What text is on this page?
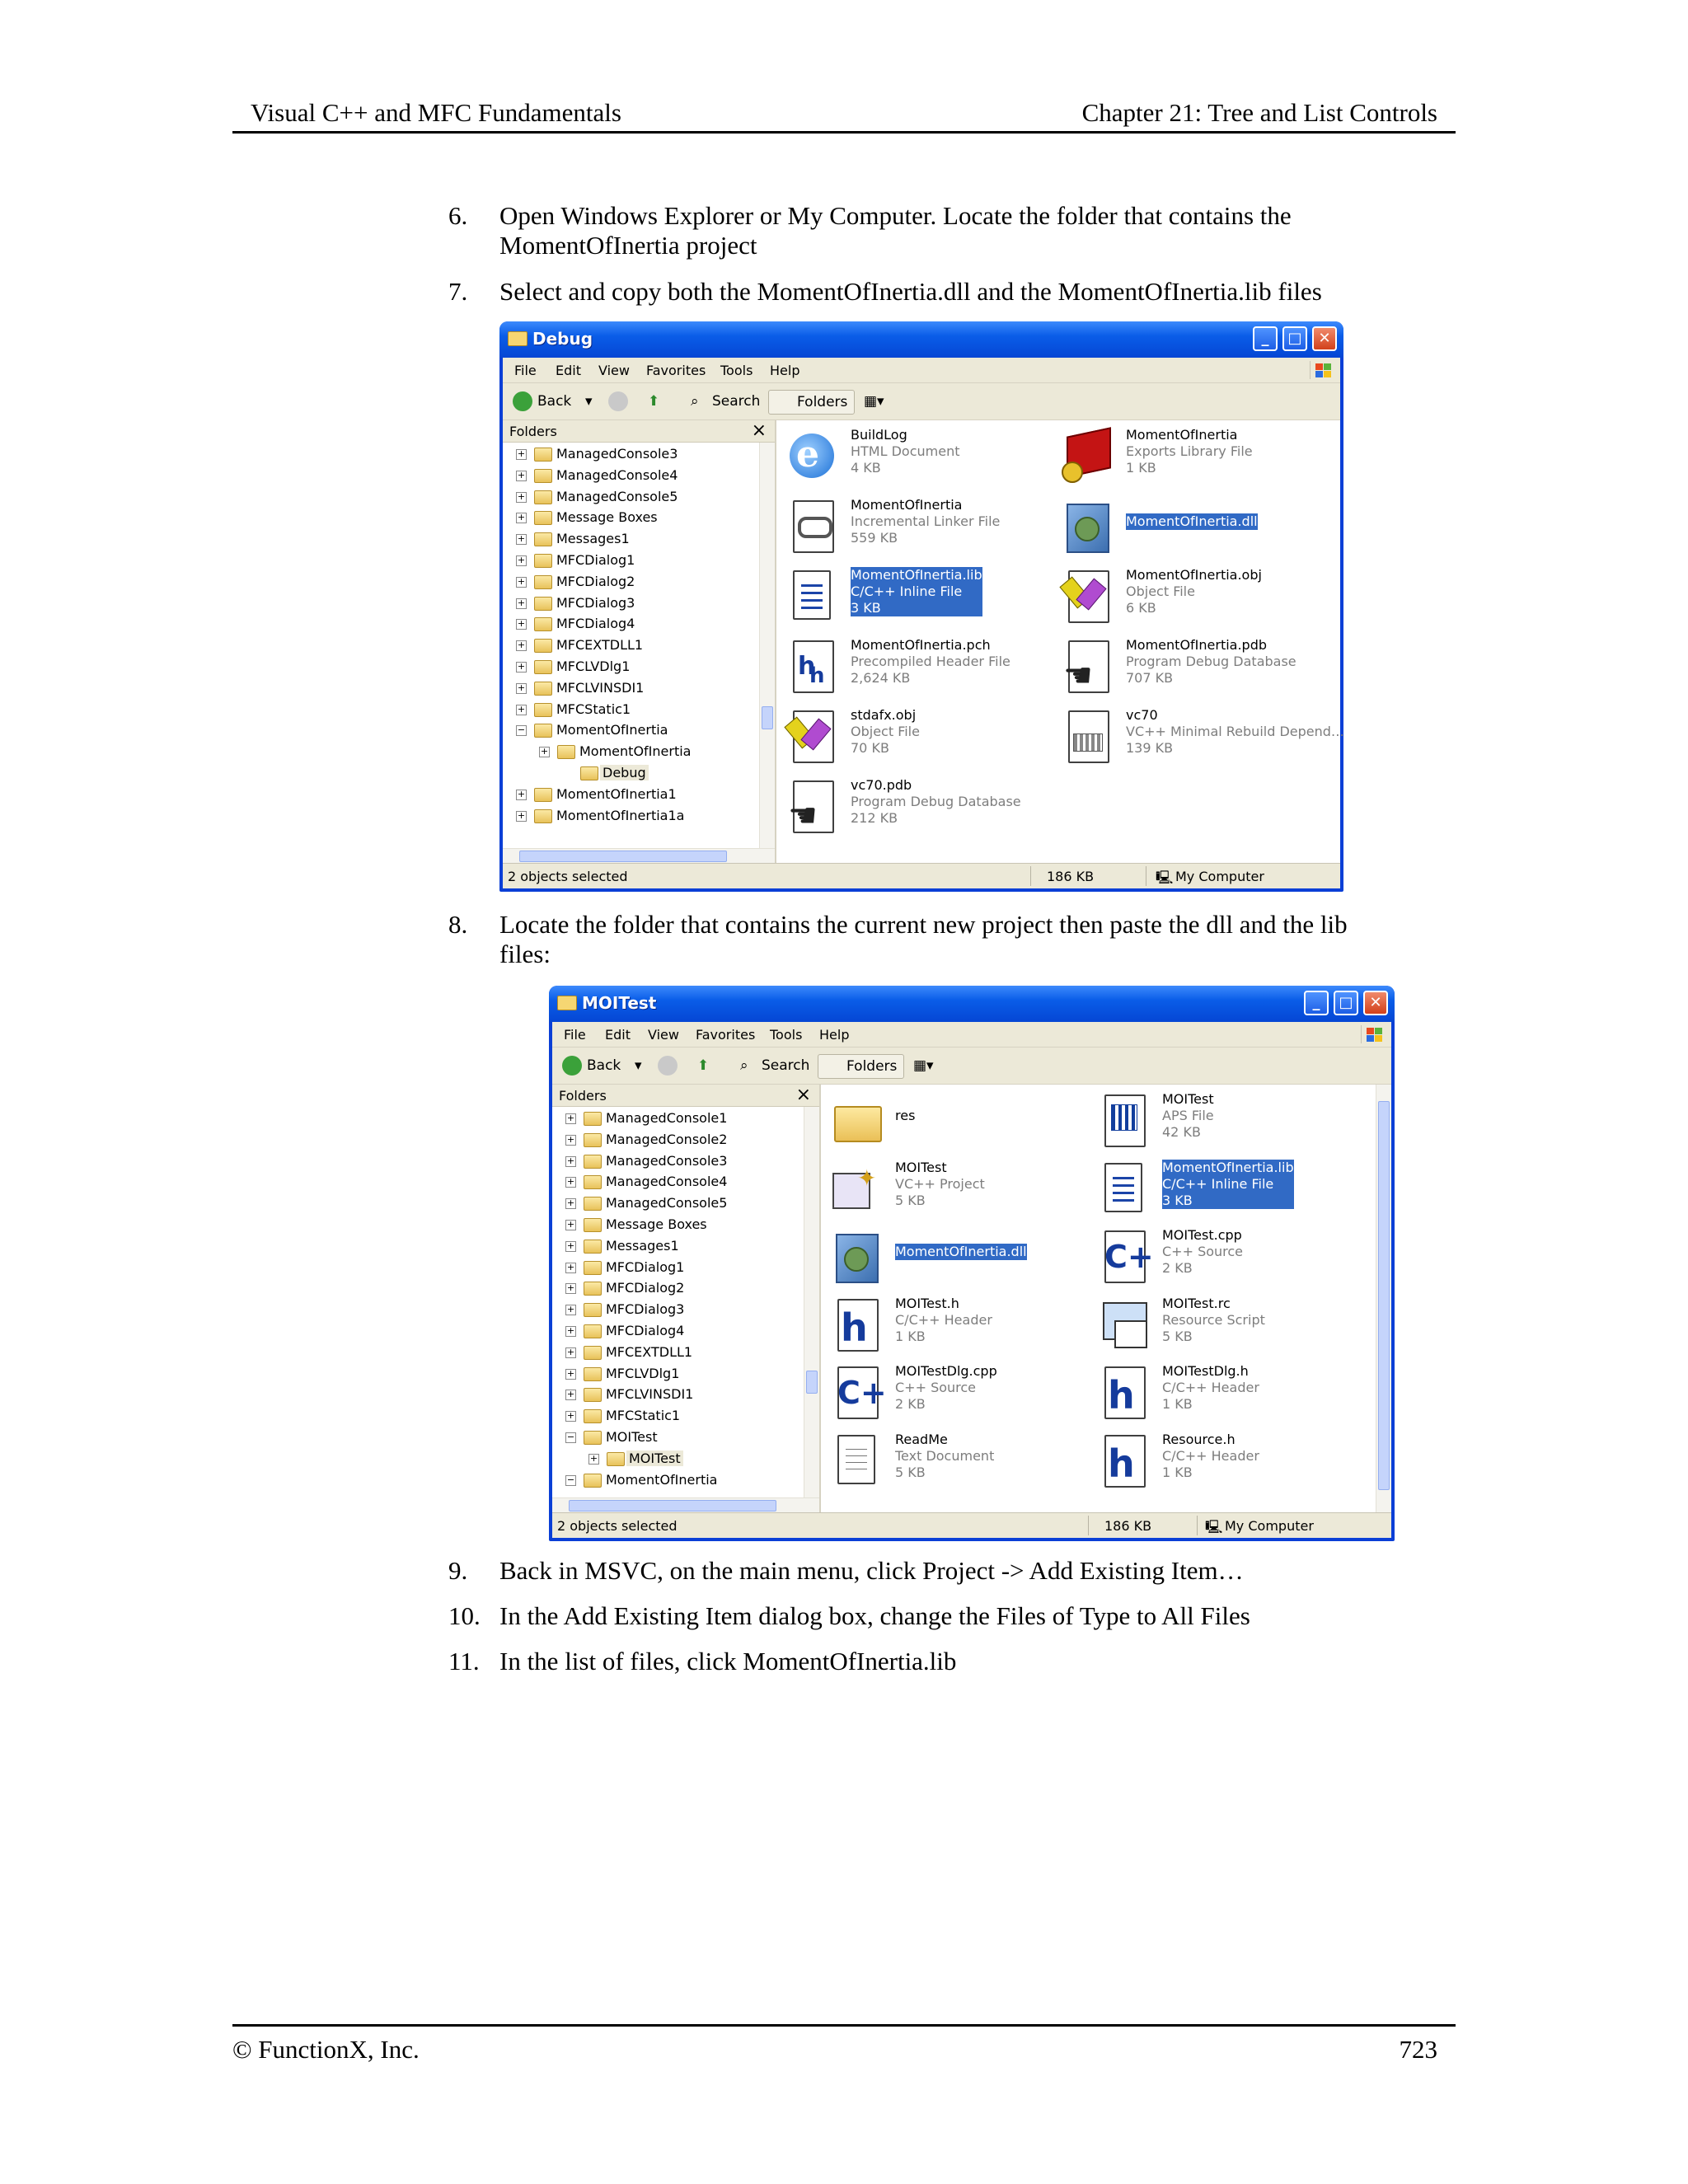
Visual C++ and MFC Fundamentals	Chapter 21: Tree and List Controls
6. Open Windows Explorer or My Computer. Locate the folder that contains the
MomentOfInertia project
7. Select and copy both the MomentOfInertia.dll and the MomentOfInertia.lib files
Debug	_	□	✕
File Edit View Favorites Tools Help
Back ▾	⬆ ⌕ Search	Folders	▦▾
Folders	×
+ ManagedConsole3
+ ManagedConsole4
+ ManagedConsole5
+ Message Boxes
+ Messages1
+ MFCDialog1
+ MFCDialog2
+ MFCDialog3
+ MFCDialog4
+ MFCEXTDLL1
+ MFCLVDlg1
+ MFCLVINSDI1
+ MFCStatic1
− MomentOfInertia
+ MomentOfInertia
Debug
+ MomentOfInertia1
+ MomentOfInertia1a
e BuildLog
HTML Document
4 KB
MomentOfInertia
Exports Library File
1 KB
MomentOfInertia
Incremental Linker File
559 KB
MomentOfInertia.dll
MomentOfInertia.lib
C/C++ Inline File
3 KB
MomentOfInertia.obj
Object File
6 KB
h
h
MomentOfInertia.pch
Precompiled Header File
2,624 KB	☚
MomentOfInertia.pdb
Program Debug Database
707 KB
stdafx.obj
Object File
70 KB
vc70
VC++ Minimal Rebuild Depend…
139 KB
☚
vc70.pdb
Program Debug Database
212 KB
2 objects selected	186 KB	🖳 My Computer
8. Locate the folder that contains the current new project then paste the dll and the lib
files:
MOITest	_	□	✕
File Edit View Favorites Tools Help
Back ▾	⬆ ⌕ Search	Folders	▦▾
Folders	×
+ ManagedConsole1
+ ManagedConsole2
+ ManagedConsole3
+ ManagedConsole4
+ ManagedConsole5
+ Message Boxes
+ Messages1
+ MFCDialog1
+ MFCDialog2
+ MFCDialog3
+ MFCDialog4
+ MFCEXTDLL1
+ MFCLVDlg1
+ MFCLVINSDI1
+ MFCStatic1
− MOITest
+ MOITest
− MomentOfInertia
res
MOITest
APS File
42 KB
✦ MOITest
VC++ Project
5 KB
MomentOfInertia.lib
C/C++ Inline File
3 KB
MomentOfInertia.dll C+
MOITest.cpp
C++ Source
2 KB
h
MOITest.h
C/C++ Header
1 KB
MOITest.rc
Resource Script
5 KB
C+
MOITestDlg.cpp
C++ Source
2 KB	h
MOITestDlg.h
C/C++ Header
1 KB
ReadMe
Text Document
5 KB	h
Resource.h
C/C++ Header
1 KB
2 objects selected	186 KB	🖳 My Computer
9. Back in MSVC, on the main menu, click Project -> Add Existing Item…
10. In the Add Existing Item dialog box, change the Files of Type to All Files
11. In the list of files, click MomentOfInertia.lib
© FunctionX, Inc.	723
